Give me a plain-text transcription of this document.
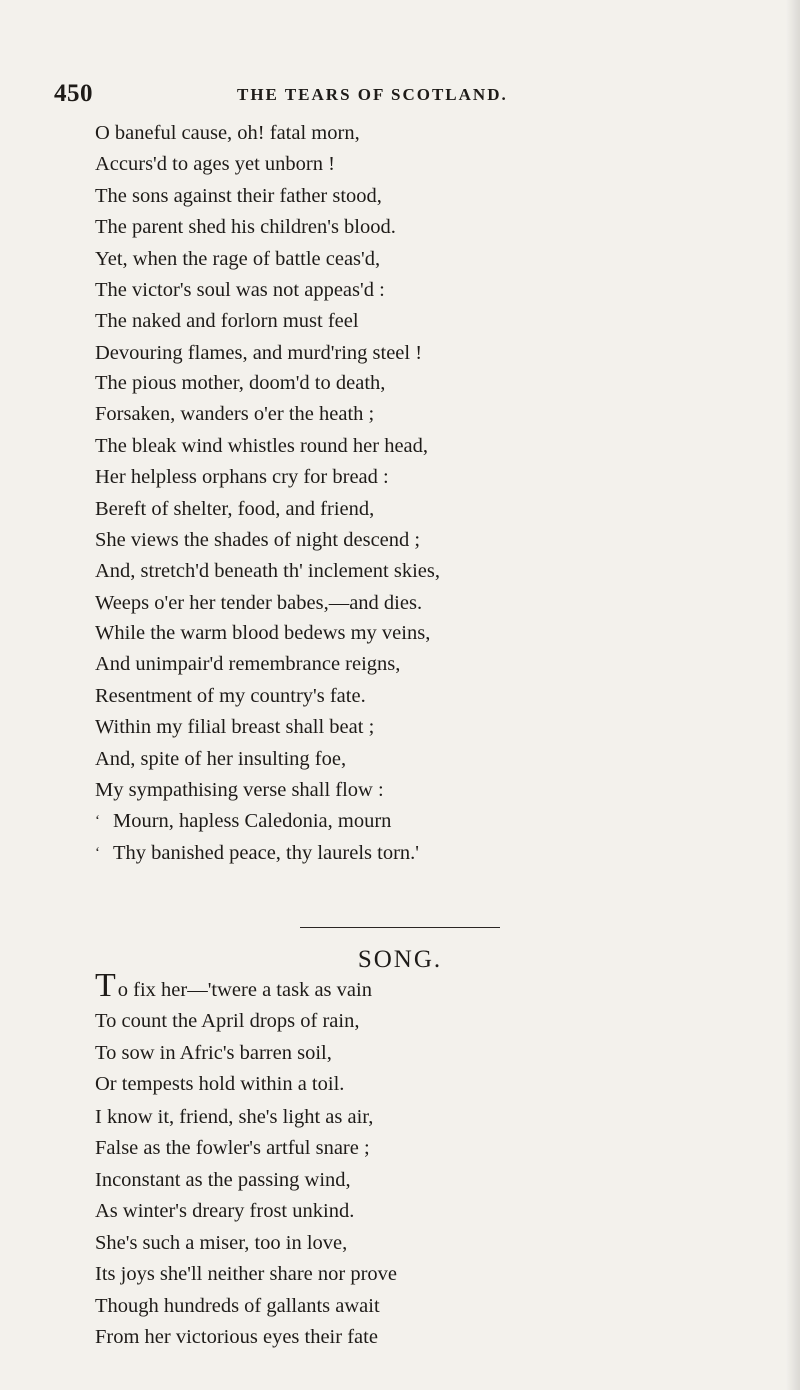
450	THE TEARS OF SCOTLAND.
O baneful cause, oh! fatal morn,
Accurs'd to ages yet unborn !
The sons against their father stood,
The parent shed his children's blood.
Yet, when the rage of battle ceas'd,
The victor's soul was not appeas'd :
The naked and forlorn must feel
Devouring flames, and murd'ring steel !
The pious mother, doom'd to death,
Forsaken, wanders o'er the heath ;
The bleak wind whistles round her head,
Her helpless orphans cry for bread :
Bereft of shelter, food, and friend,
She views the shades of night descend ;
And, stretch'd beneath th' inclement skies,
Weeps o'er her tender babes,—and dies.
While the warm blood bedews my veins,
And unimpair'd remembrance reigns,
Resentment of my country's fate.
Within my filial breast shall beat ;
And, spite of her insulting foe,
My sympathising verse shall flow :
‘ Mourn, hapless Caledonia, mourn
‘ Thy banished peace, thy laurels torn.'
SONG.
To fix her—'twere a task as vain
To count the April drops of rain,
To sow in Afric's barren soil,
Or tempests hold within a toil.
I know it, friend, she's light as air,
False as the fowler's artful snare ;
Inconstant as the passing wind,
As winter's dreary frost unkind.
She's such a miser, too in love,
Its joys she'll neither share nor prove
Though hundreds of gallants await
From her victorious eyes their fate
